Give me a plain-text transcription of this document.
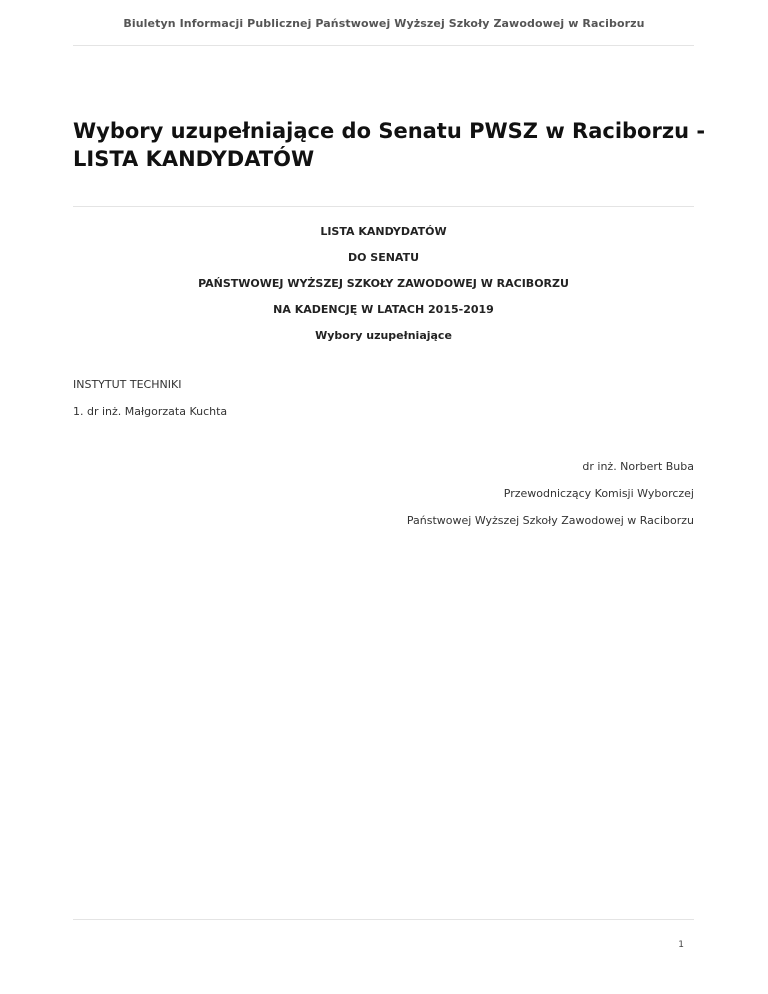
Biuletyn Informacji Publicznej Państwowej Wyższej Szkoły Zawodowej w Raciborzu
Wybory uzupełniające do Senatu PWSZ w Raciborzu - LISTA KANDYDATÓW
LISTA KANDYDATÓW
DO SENATU
PAŃSTWOWEJ WYŻSZEJ SZKOŁY ZAWODOWEJ W RACIBORZU
NA KADENCJĘ W LATACH 2015-2019
Wybory uzupełniające
INSTYTUT TECHNIKI
1. dr inż. Małgorzata Kuchta
dr inż. Norbert Buba
Przewodniczący Komisji Wyborczej
Państwowej Wyższej Szkoły Zawodowej w Raciborzu
1
